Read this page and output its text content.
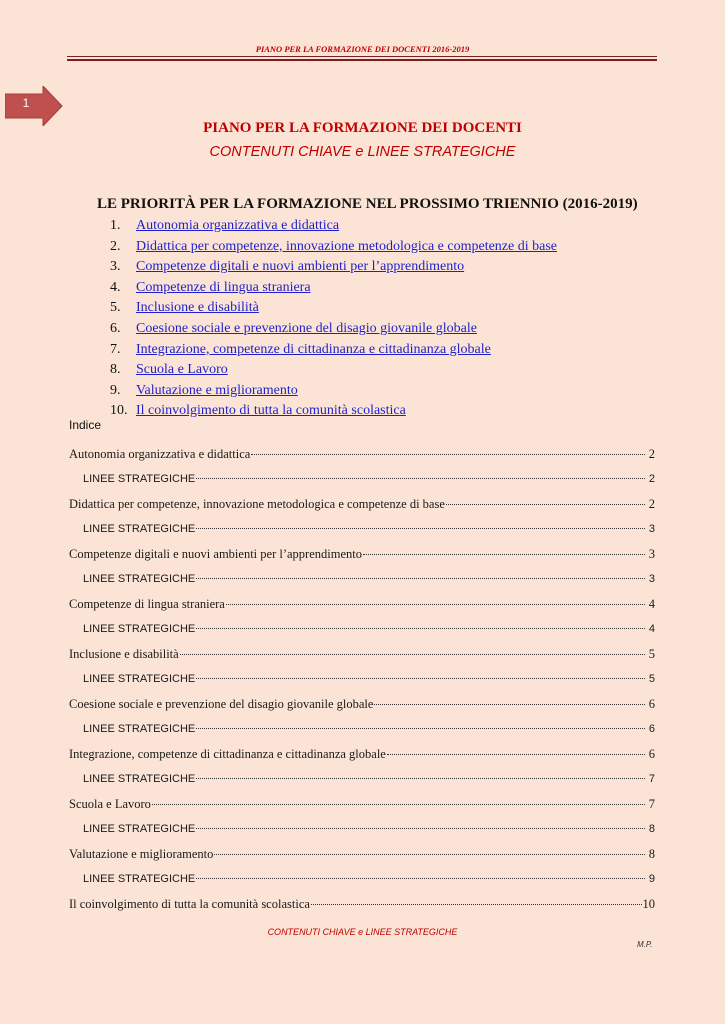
PIANO PER LA FORMAZIONE DEI DOCENTI 2016-2019
1
PIANO PER LA FORMAZIONE DEI DOCENTI
CONTENUTI CHIAVE e LINEE STRATEGICHE
LE PRIORITÀ PER LA FORMAZIONE NEL PROSSIMO TRIENNIO (2016-2019)
1. Autonomia organizzativa e didattica
2. Didattica per competenze, innovazione metodologica e competenze di base
3. Competenze digitali e nuovi ambienti per l’apprendimento
4. Competenze di lingua straniera
5. Inclusione e disabilità
6. Coesione sociale e prevenzione del disagio giovanile globale
7. Integrazione, competenze di cittadinanza e cittadinanza globale
8. Scuola e Lavoro
9. Valutazione e miglioramento
10. Il coinvolgimento di tutta la comunità scolastica
Indice
Autonomia organizzativa e didattica	2
LINEE STRATEGICHE	2
Didattica per competenze, innovazione metodologica e competenze di base	2
LINEE STRATEGICHE	3
Competenze digitali e nuovi ambienti per l’apprendimento	3
LINEE STRATEGICHE	3
Competenze di lingua straniera	4
LINEE STRATEGICHE	4
Inclusione e disabilità	5
LINEE STRATEGICHE	5
Coesione sociale e prevenzione del disagio giovanile globale	6
LINEE STRATEGICHE	6
Integrazione, competenze di cittadinanza e cittadinanza globale	6
LINEE STRATEGICHE	7
Scuola e Lavoro	7
LINEE STRATEGICHE	8
Valutazione e miglioramento	8
LINEE STRATEGICHE	9
Il coinvolgimento di tutta la comunità scolastica	10
CONTENUTI CHIAVE e LINEE STRATEGICHE
M.P.
